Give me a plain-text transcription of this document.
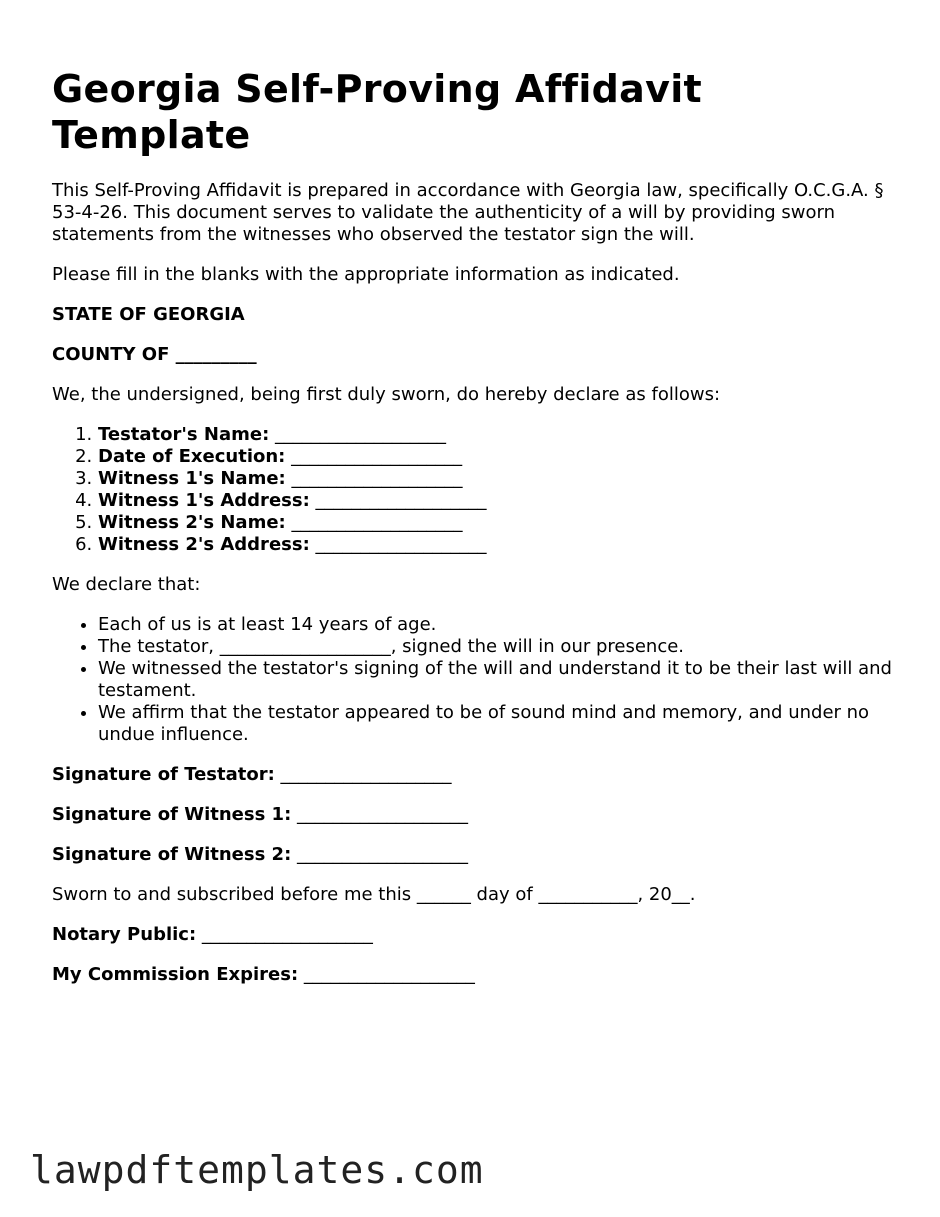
Georgia Self-Proving Affidavit Template

This Self-Proving Affidavit is prepared in accordance with Georgia law, specifically O.C.G.A. § 53-4-26. This document serves to validate the authenticity of a will by providing sworn statements from the witnesses who observed the testator sign the will.

Please fill in the blanks with the appropriate information as indicated.

STATE OF GEORGIA

COUNTY OF _________

We, the undersigned, being first duly sworn, do hereby declare as follows:

1. Testator's Name: ___________________
2. Date of Execution: ___________________
3. Witness 1's Name: ___________________
4. Witness 1's Address: ___________________
5. Witness 2's Name: ___________________
6. Witness 2's Address: ___________________

We declare that:

• Each of us is at least 14 years of age.
• The testator, ___________________, signed the will in our presence.
• We witnessed the testator's signing of the will and understand it to be their last will and testament.
• We affirm that the testator appeared to be of sound mind and memory, and under no undue influence.

Signature of Testator: ___________________

Signature of Witness 1: ___________________

Signature of Witness 2: ___________________

Sworn to and subscribed before me this ______ day of ___________, 20__.

Notary Public: ___________________

My Commission Expires: ___________________

lawpdftemplates.com
